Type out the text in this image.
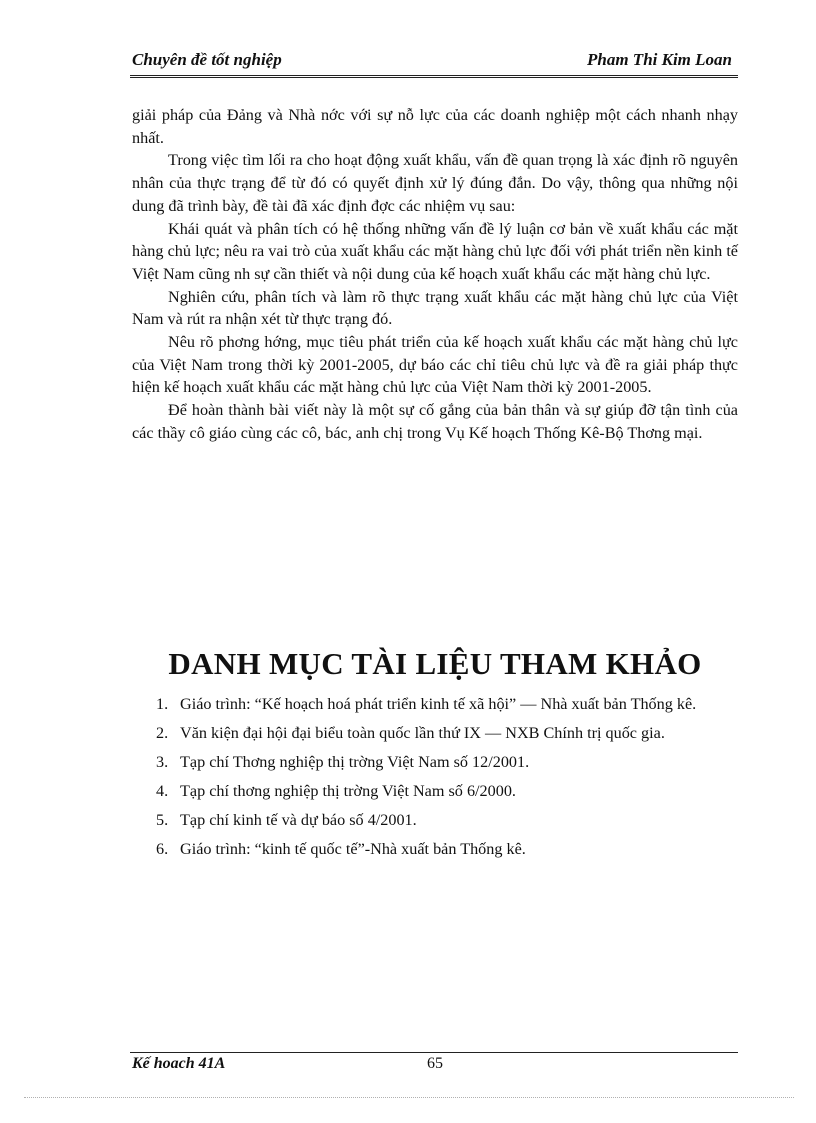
Chuyên đề tốt nghiệp	Pham Thi Kim Loan

giải pháp của Đảng và Nhà nớc với sự nỗ lực của các doanh nghiệp một cách nhanh nhạy nhất.

Trong việc tìm lối ra cho hoạt động xuất khẩu, vấn đề quan trọng là xác định rõ nguyên nhân của thực trạng để từ đó có quyết định xử lý đúng đắn. Do vậy, thông qua những nội dung đã trình bày, đề tài đã xác định đợc các nhiệm vụ sau:

Khái quát và phân tích có hệ thống những vấn đề lý luận cơ bản về xuất khẩu các mặt hàng chủ lực; nêu ra vai trò của xuất khẩu các mặt hàng chủ lực đối với phát triển nền kinh tế Việt Nam cũng nh sự cần thiết và nội dung của kế hoạch xuất khẩu các mặt hàng chủ lực.

Nghiên cứu, phân tích và làm rõ thực trạng xuất khẩu các mặt hàng chủ lực của Việt Nam và rút ra nhận xét từ thực trạng đó.

Nêu rõ phơng hớng, mục tiêu phát triển của kế hoạch xuất khẩu các mặt hàng chủ lực của Việt Nam trong thời kỳ 2001-2005, dự báo các chỉ tiêu chủ lực và đề ra giải pháp thực hiện kế hoạch xuất khẩu các mặt hàng chủ lực của Việt Nam thời kỳ 2001-2005.

Để hoàn thành bài viết này là một sự cố gắng của bản thân và sự giúp đỡ tận tình của các thầy cô giáo cùng các cô, bác, anh chị trong Vụ Kế hoạch Thống Kê-Bộ Thơng mại.

DANH MỤC TÀI LIỆU THAM KHẢO
1. Giáo trình: “Kế hoạch hoá phát triển kinh tế xã hội” — Nhà xuất bản Thống kê.
2. Văn kiện đại hội đại biểu toàn quốc lần thứ IX — NXB Chính trị quốc gia.
3. Tạp chí Thơng nghiệp thị trờng Việt Nam số 12/2001.
4. Tạp chí thơng nghiệp thị trờng Việt Nam số 6/2000.
5. Tạp chí kinh tế và dự báo số 4/2001.
6. Giáo trình: “kinh tế quốc tế”-Nhà xuất bản Thống kê.
Kế hoach 41A	65
